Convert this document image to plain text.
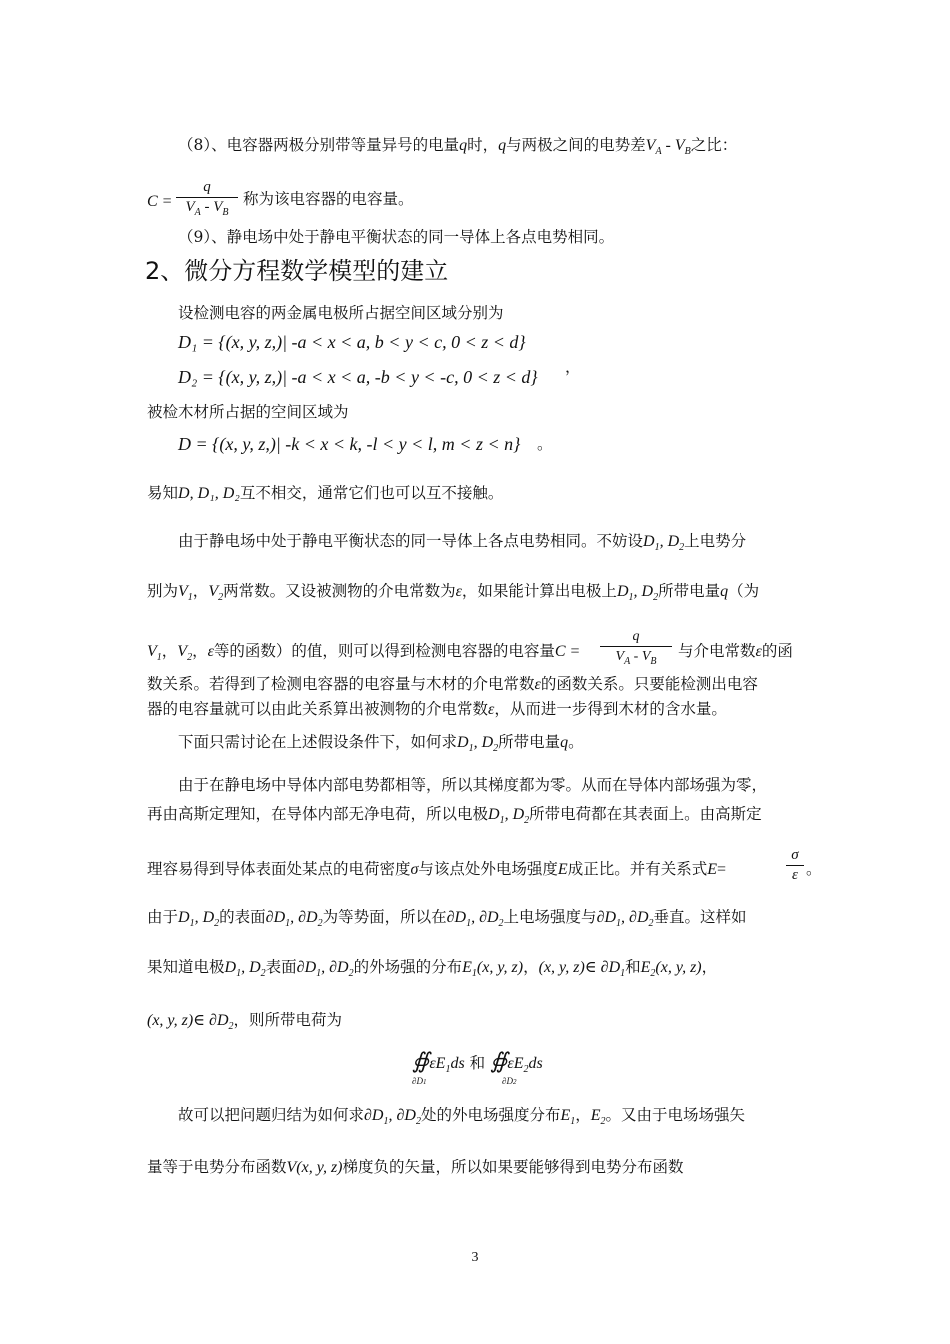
（8）、电容器两极分别带等量异号的电量q时，q与两极之间的电势差$V_A - V_B$之比：
$C = \frac{q}{V_A - V_B}$ 称为该电容器的电容量。
（9）、静电场中处于静电平衡状态的同一导体上各点电势相同。
2、微分方程数学模型的建立
设检测电容的两金属电极所占据空间区域分别为
D₁ = {(x, y, z,)| -a < x < a, b < y < c, 0 < z < d}
D₂ = {(x, y, z,)| -a < x < a, -b < y < -c, 0 < z < d} ，
被检木材所占据的空间区域为
D = {(x, y, z,)| -k < x < k, -l < y < l, m < z < n} 。
易知D, D₁, D₂互不相交，通常它们也可以互不接触。
由于静电场中处于静电平衡状态的同一导体上各点电势相同。不妨设$D_1$, $D_2$上电势分
别为$V_1$，$V_2$两常数。又设被测物的介电常数为ε，如果能计算出电极上$D_1$, $D_2$所带电量q（为
$V_1$，$V_2$，ε等的函数）的值，则可以得到检测电容器的电容量$C = \frac{q}{V_A - V_B}$ 与介电常数ε的函
数关系。若得到了检测电容器的电容量与木材的介电常数ε的函数关系。只要能检测出电容
器的电容量就可以由此关系算出被测物的介电常数ε，从而进一步得到木材的含水量。
下面只需讨论在上述假设条件下，如何求$D_1$, $D_2$所带电量q。
由于在静电场中导体内部电势都相等，所以其梯度都为零。从而在导体内部场强为零，
再由高斯定理知，在导体内部无净电荷，所以电极$D_1$, $D_2$所带电荷都在其表面上。由高斯定
理容易得到导体表面处某点的电荷密度σ与该点处外电场强度E成正比。并有关系式E=	$\frac{\sigma}{\varepsilon}$ 。
由于$D_1$, $D_2$的表面$\partial D_1$, $\partial D_2$为等势面，所以在$\partial D_1$, $\partial D_2$上电场强度与$\partial D_1$, $\partial D_2$垂直。这样如
果知道电极$D_1$, $D_2$表面$\partial D_1$, $\partial D_2$的外场强的分布$E_1(x$, y, z)，(x, y, z)∈ $\partial D_1$和$E_2(x$, y, z)，
(x, y, z)∈ $\partial D_2$，则所带电荷为
$∯\varepsilon E_1ds$ 和 $∯\varepsilon E_2ds$
∂D1	∂D2
故可以把问题归结为如何求$\partial D_1$, $\partial D_2$处的外电场强度分布$E_1$，$E_2$。又由于电场场强矢
量等于电势分布函数V(x, y, z)梯度负的矢量，所以如果要能够得到电势分布函数
3
